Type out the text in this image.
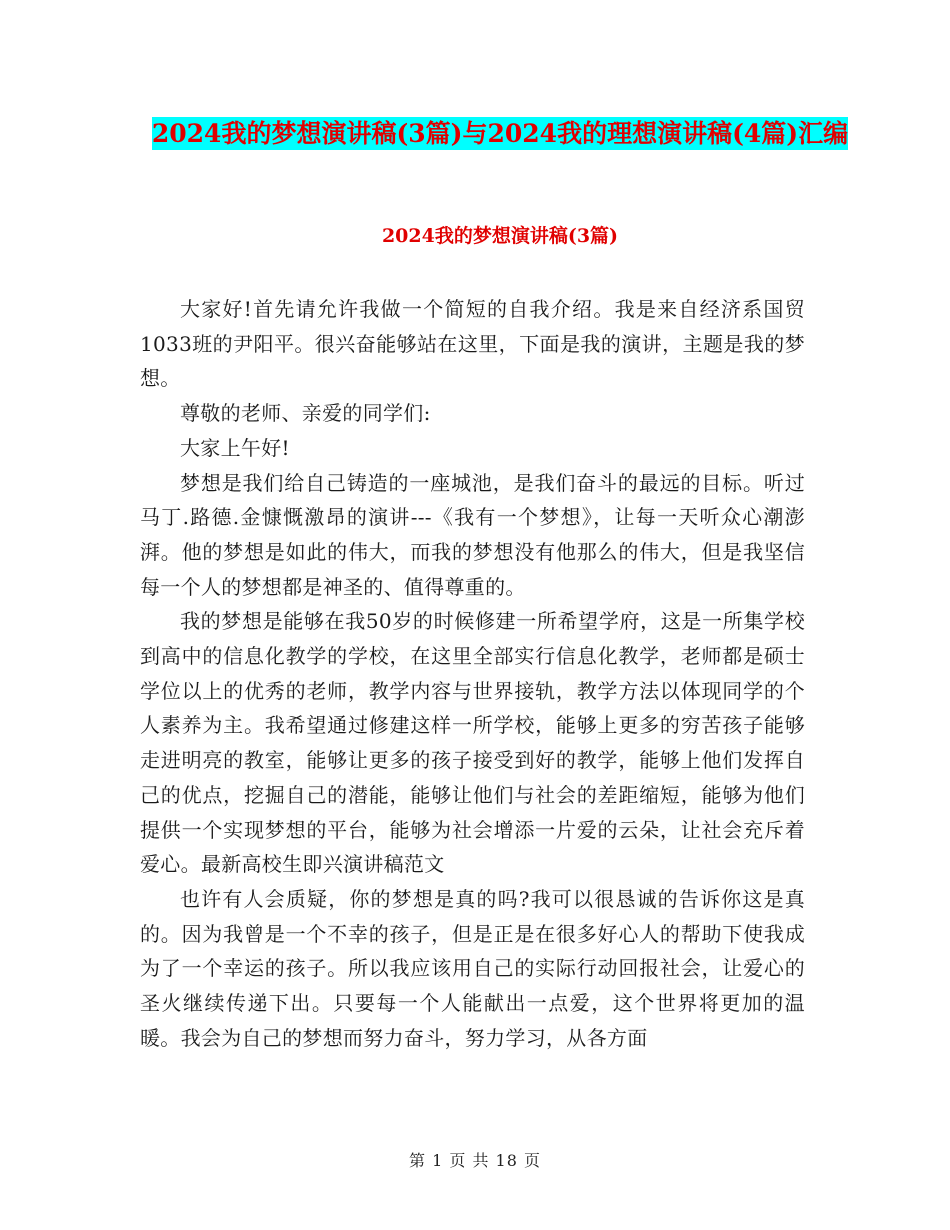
2024我的梦想演讲稿(3篇)与2024我的理想演讲稿(4篇)汇编
2024我的梦想演讲稿(3篇)

大家好!首先请允许我做一个简短的自我介绍。我是来自经济系国贸1033班的尹阳平。很兴奋能够站在这里，下面是我的演讲，主题是我的梦想。

尊敬的老师、亲爱的同学们:

大家上午好!

梦想是我们给自己铸造的一座城池，是我们奋斗的最远的目标。听过马丁.路德.金慷慨激昂的演讲---《我有一个梦想》，让每一天听众心潮澎湃。他的梦想是如此的伟大，而我的梦想没有他那么的伟大，但是我坚信每一个人的梦想都是神圣的、值得尊重的。

我的梦想是能够在我50岁的时候修建一所希望学府，这是一所集学校到高中的信息化教学的学校，在这里全部实行信息化教学，老师都是硕士学位以上的优秀的老师，教学内容与世界接轨，教学方法以体现同学的个人素养为主。我希望通过修建这样一所学校，能够上更多的穷苦孩子能够走进明亮的教室，能够让更多的孩子接受到好的教学，能够上他们发挥自己的优点，挖掘自己的潜能，能够让他们与社会的差距缩短，能够为他们提供一个实现梦想的平台，能够为社会增添一片爱的云朵，让社会充斥着爱心。最新高校生即兴演讲稿范文

也许有人会质疑，你的梦想是真的吗?我可以很恳诚的告诉你这是真的。因为我曾是一个不幸的孩子，但是正是在很多好心人的帮助下使我成为了一个幸运的孩子。所以我应该用自己的实际行动回报社会，让爱心的圣火继续传递下出。只要每一个人能献出一点爱，这个世界将更加的温暖。我会为自己的梦想而努力奋斗，努力学习，从各方面

第 1 页 共 18 页
